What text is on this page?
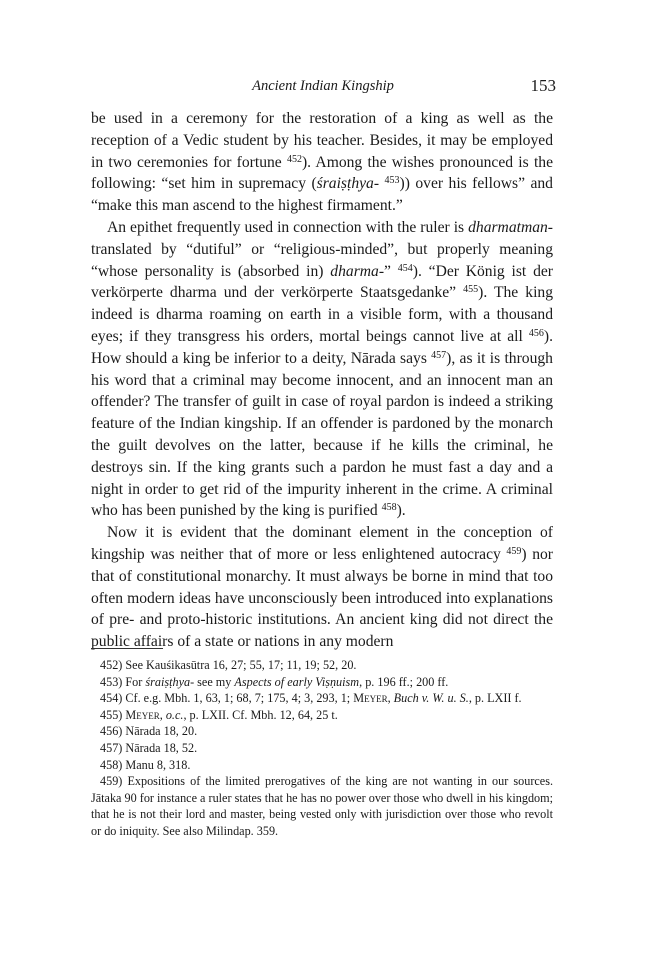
Ancient Indian Kingship	153

be used in a ceremony for the restoration of a king as well as the reception of a Vedic student by his teacher. Besides, it may be employed in two ceremonies for fortune $^{452}$). Among the wishes pronounced is the following: “set him in supremacy (śraiṣṭhya- $^{453}$)) over his fellows” and “make this man ascend to the highest firmament.”

An epithet frequently used in connection with the ruler is dharmatman- translated by “dutiful” or “religious-minded”, but properly meaning “whose personality is (absorbed in) dharma-” $^{454}$). “Der König ist der verkörperte dharma und der verkörperte Staatsgedanke” $^{455}$). The king indeed is dharma roaming on earth in a visible form, with a thousand eyes; if they transgress his orders, mortal beings cannot live at all $^{456}$). How should a king be inferior to a deity, Nārada says $^{457}$), as it is through his word that a criminal may become innocent, and an innocent man an offender? The transfer of guilt in case of royal pardon is indeed a striking feature of the Indian kingship. If an offender is pardoned by the monarch the guilt devolves on the latter, because if he kills the criminal, he destroys sin. If the king grants such a pardon he must fast a day and a night in order to get rid of the impurity inherent in the crime. A criminal who has been punished by the king is purified $^{458}$).

Now it is evident that the dominant element in the conception of kingship was neither that of more or less enlightened autocracy $^{459}$) nor that of constitutional monarchy. It must always be borne in mind that too often modern ideas have unconsciously been introduced into explanations of pre- and proto-historic institutions. An ancient king did not direct the public affairs of a state or nations in any modern

452) See Kauśikasūtra 16, 27; 55, 17; 11, 19; 52, 20.

453) For śraiṣṭhya- see my Aspects of early Viṣṇuism, p. 196 ff.; 200 ff.

454) Cf. e.g. Mbh. 1, 63, 1; 68, 7; 175, 4; 3, 293, 1; Meyer, Buch v. W. u. S., p. LXII f.

455) Meyer, o.c., p. LXII. Cf. Mbh. 12, 64, 25 t.

456) Nārada 18, 20.

457) Nārada 18, 52.

458) Manu 8, 318.

459) Expositions of the limited prerogatives of the king are not wanting in our sources. Jātaka 90 for instance a ruler states that he has no power over those who dwell in his kingdom; that he is not their lord and master, being vested only with jurisdiction over those who revolt or do iniquity. See also Milindap. 359.
